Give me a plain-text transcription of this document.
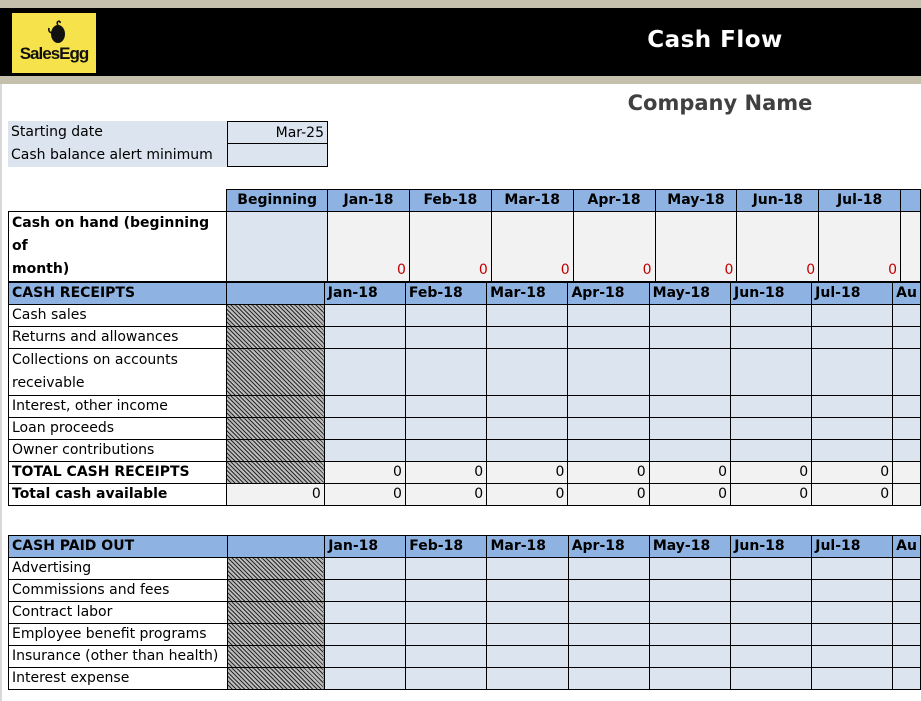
SalesEgg
Cash Flow
Company Name
Starting date	Mar-25
Cash balance alert minimum
	Beginning	Jan-18	Feb-18	Mar-18	Apr-18	May-18	Jun-18	Jul-18	

Cash on hand (beginning of
month)		0	0	0	0	0	0	0	
CASH RECEIPTS		Jan-18	Feb-18	Mar-18	Apr-18	May-18	Jun-18	Jul-18	Au
Cash sales									
Returns and allowances									
Collections on accounts receivable									
Interest, other income									
Loan proceeds									
Owner contributions									
TOTAL CASH RECEIPTS		0	0	0	0	0	0	0	
Total cash available	0	0	0	0	0	0	0	0	
CASH PAID OUT		Jan-18	Feb-18	Mar-18	Apr-18	May-18	Jun-18	Jul-18	Au
Advertising									
Commissions and fees									
Contract labor									
Employee benefit programs									
Insurance (other than health)									
Interest expense									
